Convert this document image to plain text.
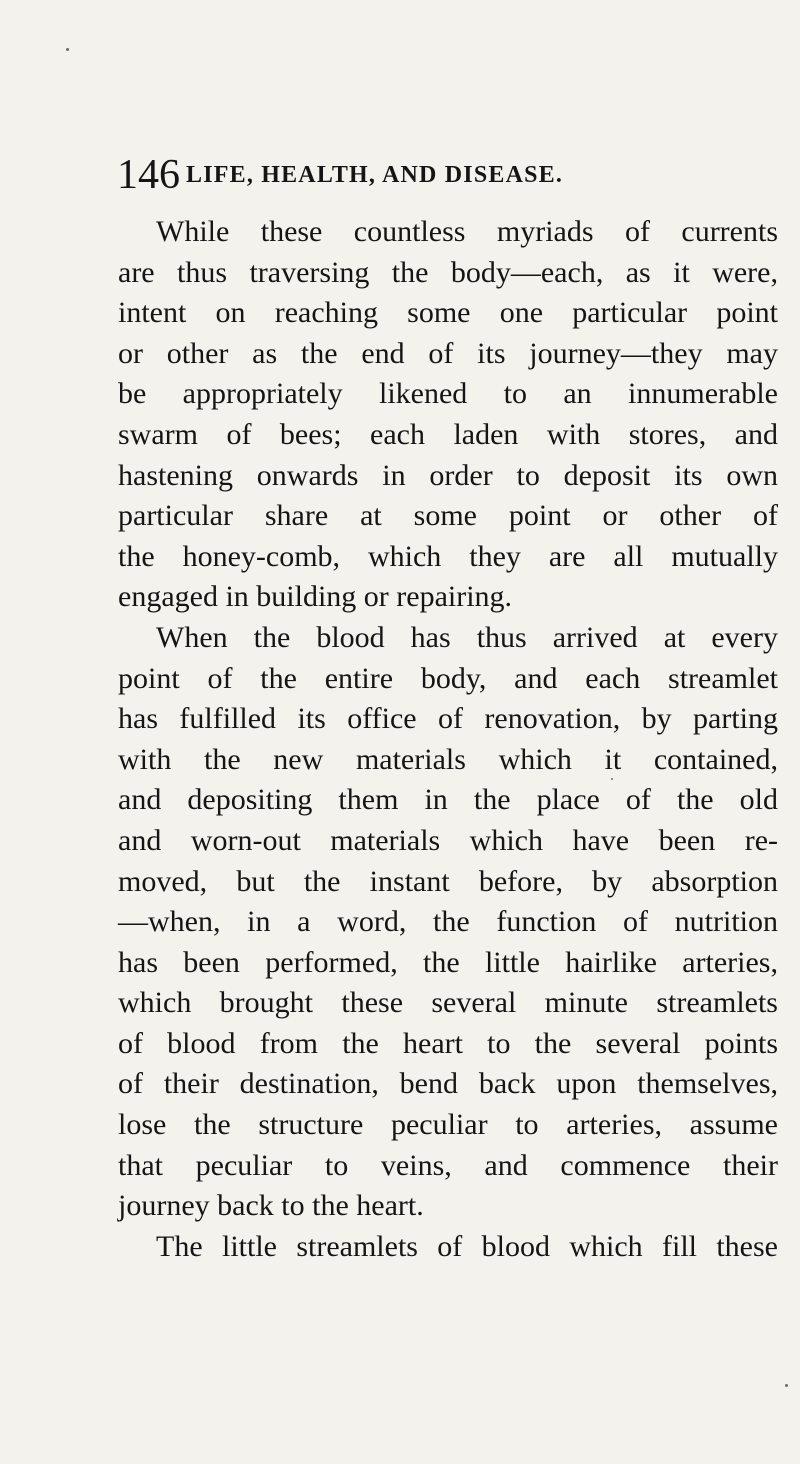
146 LIFE, HEALTH, AND DISEASE.
While these countless myriads of currents
are thus traversing the body—each, as it were,
intent on reaching some one particular point
or other as the end of its journey—they may
be appropriately likened to an innumerable
swarm of bees; each laden with stores, and
hastening onwards in order to deposit its own
particular share at some point or other of
the honey-comb, which they are all mutually
engaged in building or repairing.
When the blood has thus arrived at every
point of the entire body, and each streamlet
has fulfilled its office of renovation, by parting
with the new materials which it contained,
and depositing them in the place of the old
and worn-out materials which have been re-
moved, but the instant before, by absorption
—when, in a word, the function of nutrition
has been performed, the little hairlike arteries,
which brought these several minute streamlets
of blood from the heart to the several points
of their destination, bend back upon themselves,
lose the structure peculiar to arteries, assume
that peculiar to veins, and commence their
journey back to the heart.
The little streamlets of blood which fill these
